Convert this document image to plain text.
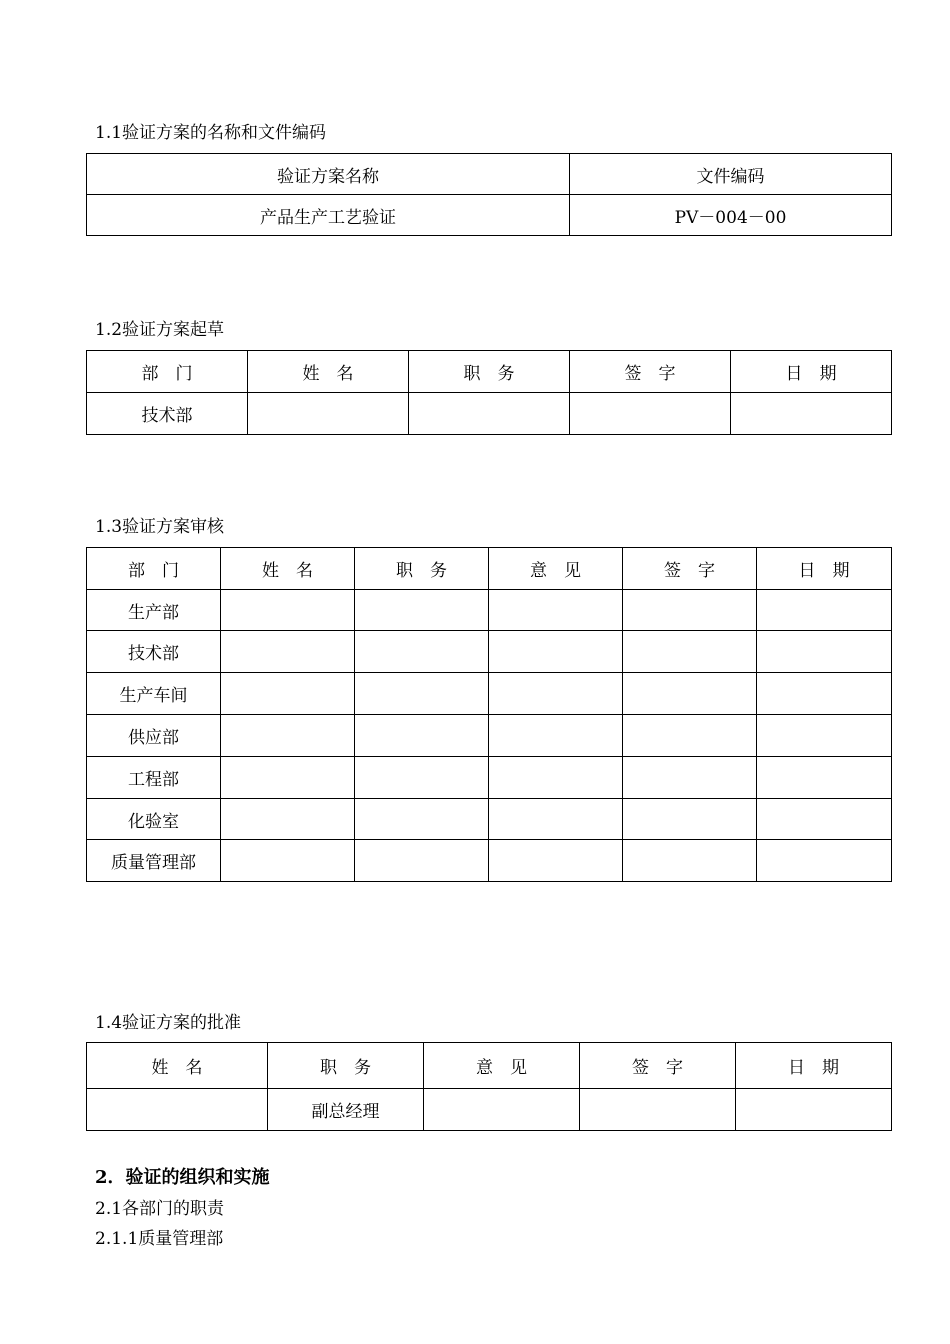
1.1验证方案的名称和文件编码
验证方案名称	文件编码
产品生产工艺验证	PV－004－00
1.2验证方案起草
部　门	姓　名	职　务	签　字	日　期
技术部				
1.3验证方案审核
部　门	姓　名	职　务	意　见	签　字	日　期
生产部					
技术部					
生产车间					
供应部					
工程部					
化验室					
质量管理部					
1.4验证方案的批准
姓　名	职　务	意　见	签　字	日　期
	副总经理			
2．验证的组织和实施
2.1各部门的职责
2.1.1质量管理部
